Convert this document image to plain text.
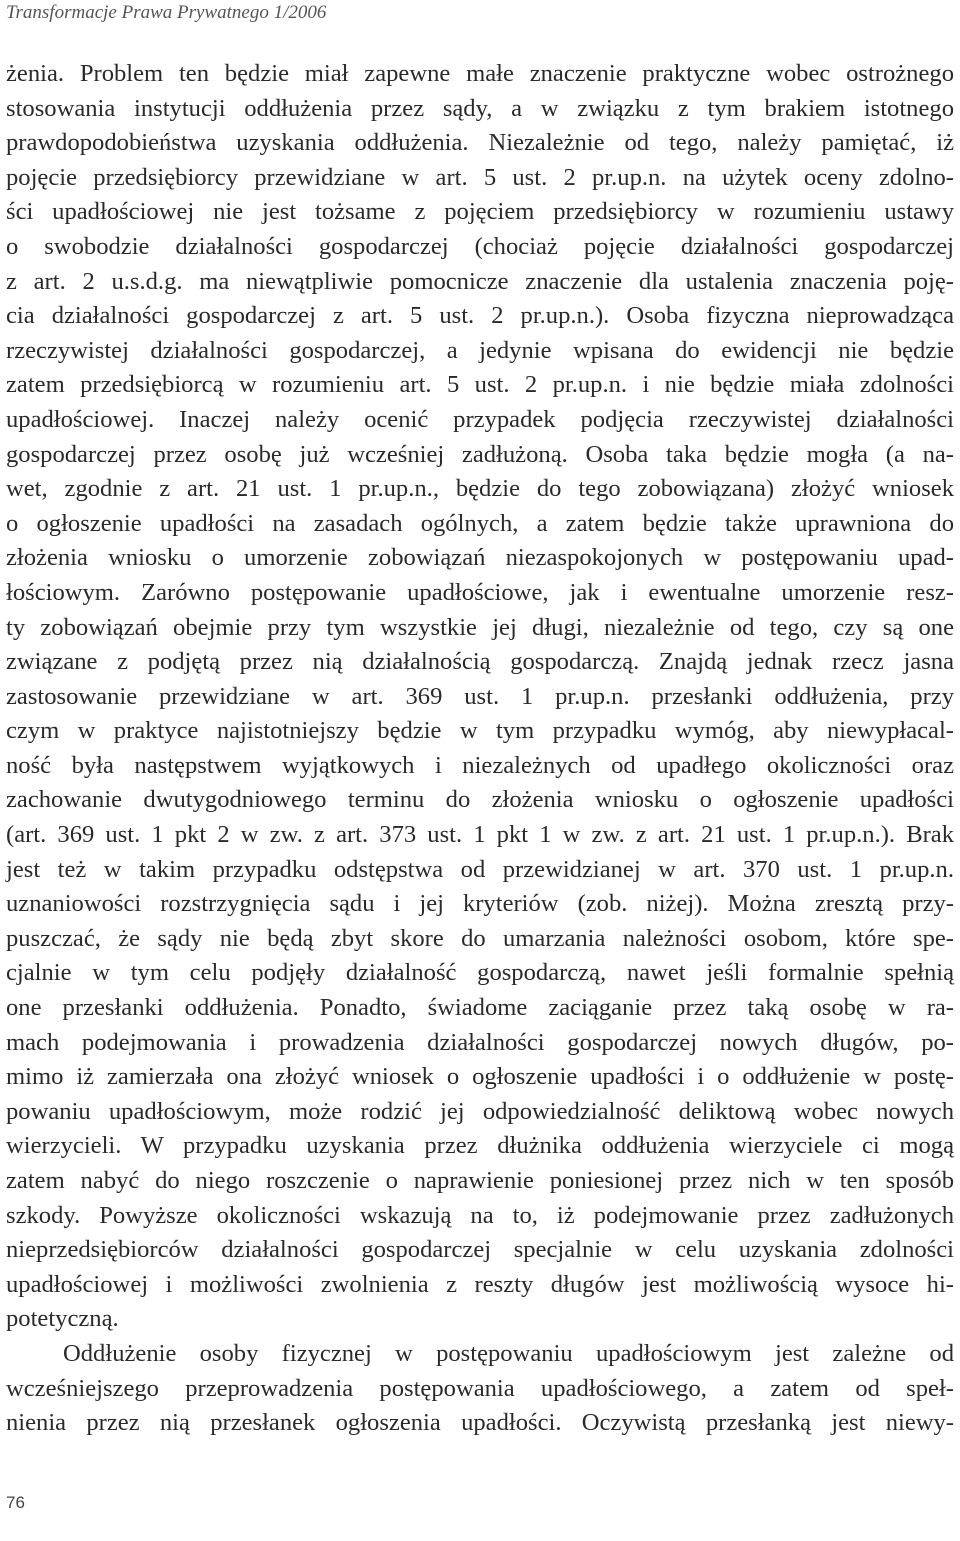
Transformacje Prawa Prywatnego 1/2006
żenia. Problem ten będzie miał zapewne małe znaczenie praktyczne wobec ostrożnego
stosowania instytucji oddłużenia przez sądy, a w związku z tym brakiem istotnego
prawdopodobieństwa uzyskania oddłużenia. Niezależnie od tego, należy pamiętać, iż
pojęcie przedsiębiorcy przewidziane w art. 5 ust. 2 pr.up.n. na użytek oceny zdolno-
ści upadłościowej nie jest tożsame z pojęciem przedsiębiorcy w rozumieniu ustawy
o swobodzie działalności gospodarczej (chociaż pojęcie działalności gospodarczej
z art. 2 u.s.d.g. ma niewątpliwie pomocnicze znaczenie dla ustalenia znaczenia poję-
cia działalności gospodarczej z art. 5 ust. 2 pr.up.n.). Osoba fizyczna nieprowadząca
rzeczywistej działalności gospodarczej, a jedynie wpisana do ewidencji nie będzie
zatem przedsiębiorcą w rozumieniu art. 5 ust. 2 pr.up.n. i nie będzie miała zdolności
upadłościowej. Inaczej należy ocenić przypadek podjęcia rzeczywistej działalności
gospodarczej przez osobę już wcześniej zadłużoną. Osoba taka będzie mogła (a na-
wet, zgodnie z art. 21 ust. 1 pr.up.n., będzie do tego zobowiązana) złożyć wniosek
o ogłoszenie upadłości na zasadach ogólnych, a zatem będzie także uprawniona do
złożenia wniosku o umorzenie zobowiązań niezaspokojonych w postępowaniu upad-
łościowym. Zarówno postępowanie upadłościowe, jak i ewentualne umorzenie resz-
ty zobowiązań obejmie przy tym wszystkie jej długi, niezależnie od tego, czy są one
związane z podjętą przez nią działalnością gospodarczą. Znajdą jednak rzecz jasna
zastosowanie przewidziane w art. 369 ust. 1 pr.up.n. przesłanki oddłużenia, przy
czym w praktyce najistotniejszy będzie w tym przypadku wymóg, aby niewypłacal-
ność była następstwem wyjątkowych i niezależnych od upadłego okoliczności oraz
zachowanie dwutygodniowego terminu do złożenia wniosku o ogłoszenie upadłości
(art. 369 ust. 1 pkt 2 w zw. z art. 373 ust. 1 pkt 1 w zw. z art. 21 ust. 1 pr.up.n.). Brak
jest też w takim przypadku odstępstwa od przewidzianej w art. 370 ust. 1 pr.up.n.
uznaniowości rozstrzygnięcia sądu i jej kryteriów (zob. niżej). Można zresztą przy-
puszczać, że sądy nie będą zbyt skore do umarzania należności osobom, które spe-
cjalnie w tym celu podjęły działalność gospodarczą, nawet jeśli formalnie spełnią
one przesłanki oddłużenia. Ponadto, świadome zaciąganie przez taką osobę w ra-
mach podejmowania i prowadzenia działalności gospodarczej nowych długów, po-
mimo iż zamierzała ona złożyć wniosek o ogłoszenie upadłości i o oddłużenie w postę-
powaniu upadłościowym, może rodzić jej odpowiedzialność deliktową wobec nowych
wierzycieli. W przypadku uzyskania przez dłużnika oddłużenia wierzyciele ci mogą
zatem nabyć do niego roszczenie o naprawienie poniesionej przez nich w ten sposób
szkody. Powyższe okoliczności wskazują na to, iż podejmowanie przez zadłużonych
nieprzedsiębiorców działalności gospodarczej specjalnie w celu uzyskania zdolności
upadłościowej i możliwości zwolnienia z reszty długów jest możliwością wysoce hi-
potetyczną.
Oddłużenie osoby fizycznej w postępowaniu upadłościowym jest zależne od
wcześniejszego przeprowadzenia postępowania upadłościowego, a zatem od speł-
nienia przez nią przesłanek ogłoszenia upadłości. Oczywistą przesłanką jest niewy-
76
